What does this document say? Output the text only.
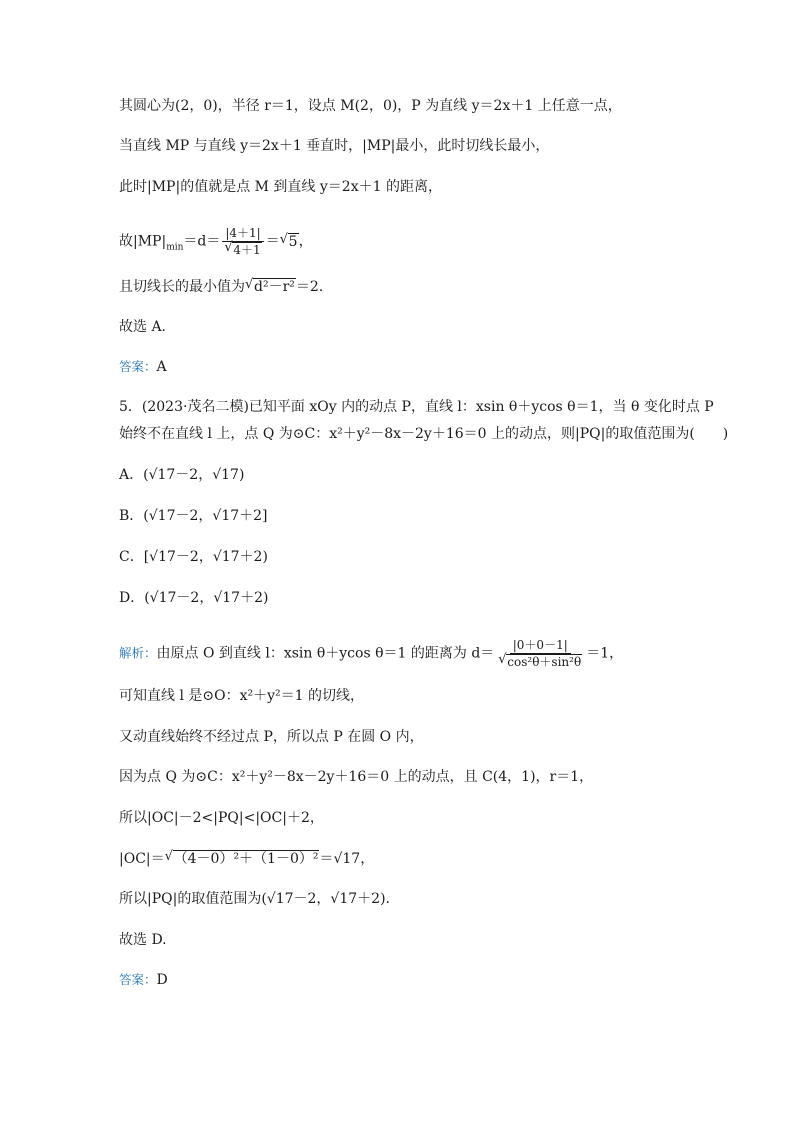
其圆心为(2，0)，半径 r＝1，设点 M(2，0)，P 为直线 y＝2x＋1 上任意一点，
当直线 MP 与直线 y＝2x＋1 垂直时，|MP|最小，此时切线长最小，
此时|MP|的值就是点 M 到直线 y＝2x＋1 的距离，
故$|MP|_{min}=d= \frac{|4+1|}{√ 4+1}$ ＝ √ 5，
且切线长的最小值为 √ d²－r²＝2.
故选 A.
答案：A
5．(2023·茂名二模)已知平面 xOy 内的动点 P，直线 l：xsin θ＋ycos θ＝1，当 θ 变化时点 P
始终不在直线 l 上，点 Q 为⊙C：x²＋y²－8x－2y＋16＝0 上的动点，则|PQ|的取值范围为(　　)
A．(√17－2，√17)
B．(√17－2，√17＋2]
C．[√17－2，√17＋2)
D．(√17－2，√17＋2)
解析：由原点 O 到直线 l：xsin θ＋ycos θ＝1 的距离为 $d= \frac{|0+0-1|}{\text{√ cos²θ＋sin²θ}} =1$，
可知直线 l 是⊙O：x²＋y²＝1 的切线，
又动直线始终不经过点 P，所以点 P 在圆 O 内，
因为点 Q 为⊙C：x²＋y²－8x－2y＋16＝0 上的动点，且 C(4，1)，r＝1，
所以|OC|－2<|PQ|<|OC|＋2，
|OC|＝ √ （4－0）²＋（1－0）²＝√17，
所以|PQ|的取值范围为(√17－2，√17＋2).
故选 D.
答案：D
